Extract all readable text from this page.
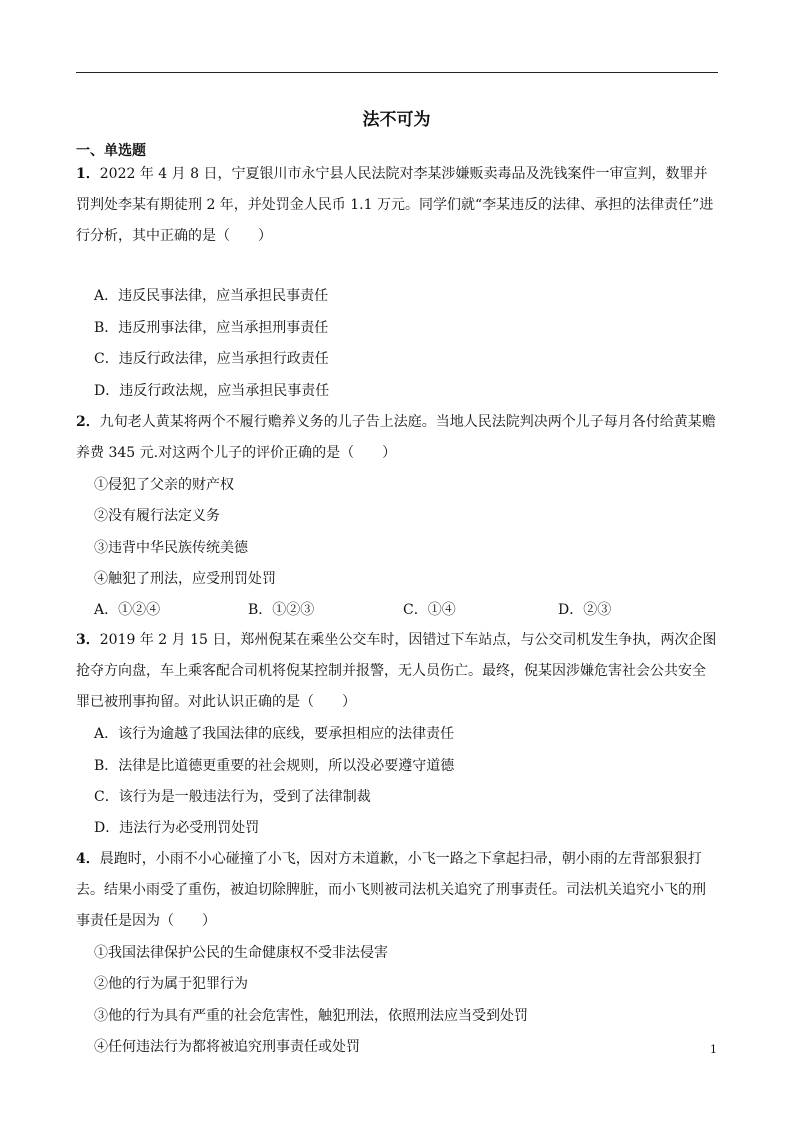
法不可为
一、单选题
1．2022 年 4 月 8 日，宁夏银川市永宁县人民法院对李某涉嫌贩卖毒品及洗钱案件一审宣判，数罪并罚判处李某有期徒刑 2 年，并处罚金人民币 1.1 万元。同学们就“李某违反的法律、承担的法律责任”进行分析，其中正确的是（　　）
A．违反民事法律，应当承担民事责任
B．违反刑事法律，应当承担刑事责任
C．违反行政法律，应当承担行政责任
D．违反行政法规，应当承担民事责任
2．九旬老人黄某将两个不履行赡养义务的儿子告上法庭。当地人民法院判决两个儿子每月各付给黄某赡养费 345 元.对这两个儿子的评价正确的是（　　）
①侵犯了父亲的财产权
②没有履行法定义务
③违背中华民族传统美德
④触犯了刑法，应受刑罚处罚
A．①②④	B．①②③	C．①④	D．②③
3．2019 年 2 月 15 日，郑州倪某在乘坐公交车时，因错过下车站点，与公交司机发生争执，两次企图抢夺方向盘，车上乘客配合司机将倪某控制并报警，无人员伤亡。最终，倪某因涉嫌危害社会公共安全罪已被刑事拘留。对此认识正确的是（　　）
A．该行为逾越了我国法律的底线，要承担相应的法律责任
B．法律是比道德更重要的社会规则，所以没必要遵守道德
C．该行为是一般违法行为，受到了法律制裁
D．违法行为必受刑罚处罚
4．晨跑时，小雨不小心碰撞了小飞，因对方未道歉，小飞一路之下拿起扫帚，朝小雨的左背部狠狠打去。结果小雨受了重伤，被迫切除脾脏，而小飞则被司法机关追究了刑事责任。司法机关追究小飞的刑事责任是因为（　　）
①我国法律保护公民的生命健康权不受非法侵害
②他的行为属于犯罪行为
③他的行为具有严重的社会危害性，触犯刑法，依照刑法应当受到处罚
④任何违法行为都将被追究刑事责任或处罚	1
